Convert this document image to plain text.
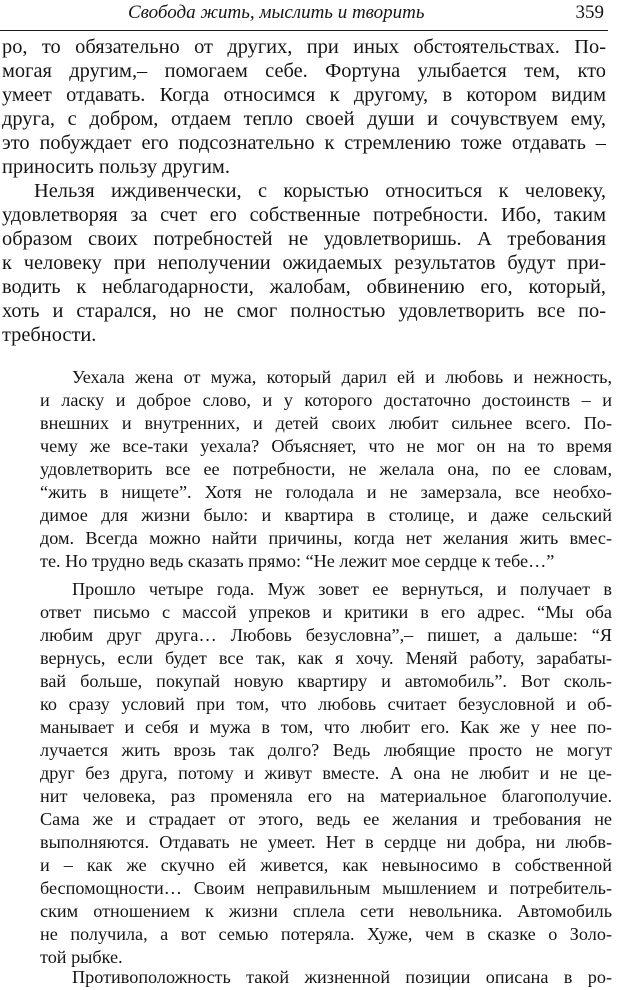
Свобода жить, мыслить и творить	359
ро, то обязательно от других, при иных обстоятельствах. По-
могая другим,– помогаем себе. Фортуна улыбается тем, кто
умеет отдавать. Когда относимся к другому, в котором видим
друга, с добром, отдаем тепло своей души и сочувствуем ему,
это побуждает его подсознательно к стремлению тоже отдавать –
приносить пользу другим.
Нельзя иждивенчески, с корыстью относиться к человеку,
удовлетворяя за счет его собственные потребности. Ибо, таким
образом своих потребностей не удовлетворишь. А требования
к человеку при неполучении ожидаемых результатов будут при-
водить к неблагодарности, жалобам, обвинению его, который,
хоть и старался, но не смог полностью удовлетворить все по-
требности.
Уехала жена от мужа, который дарил ей и любовь и нежность,
и ласку и доброе слово, и у которого достаточно достоинств – и
внешних и внутренних, и детей своих любит сильнее всего. По-
чему же все-таки уехала? Объясняет, что не мог он на то время
удовлетворить все ее потребности, не желала она, по ее словам,
“жить в нищете”. Хотя не голодала и не замерзала, все необхо-
димое для жизни было: и квартира в столице, и даже сельский
дом. Всегда можно найти причины, когда нет желания жить вмес-
те. Но трудно ведь сказать прямо: “Не лежит мое сердце к тебе…”
Прошло четыре года. Муж зовет ее вернуться, и получает в
ответ письмо с массой упреков и критики в его адрес. “Мы оба
любим друг друга… Любовь безусловна”,– пишет, а дальше: “Я
вернусь, если будет все так, как я хочу. Меняй работу, зарабаты-
вай больше, покупай новую квартиру и автомобиль”. Вот сколь-
ко сразу условий при том, что любовь считает безусловной и об-
манывает и себя и мужа в том, что любит его. Как же у нее по-
лучается жить врозь так долго? Ведь любящие просто не могут
друг без друга, потому и живут вместе. А она не любит и не це-
нит человека, раз променяла его на материальное благополучие.
Сама же и страдает от этого, ведь ее желания и требования не
выполняются. Отдавать не умеет. Нет в сердце ни добра, ни любв-
и – как же скучно ей живется, как невыносимо в собственной
беспомощности… Своим неправильным мышлением и потребитель-
ским отношением к жизни сплела сети невольника. Автомобиль
не получила, а вот семью потеряла. Хуже, чем в сказке о Золо-
той рыбке.
Противоположность такой жизненной позиции описана в ро-
